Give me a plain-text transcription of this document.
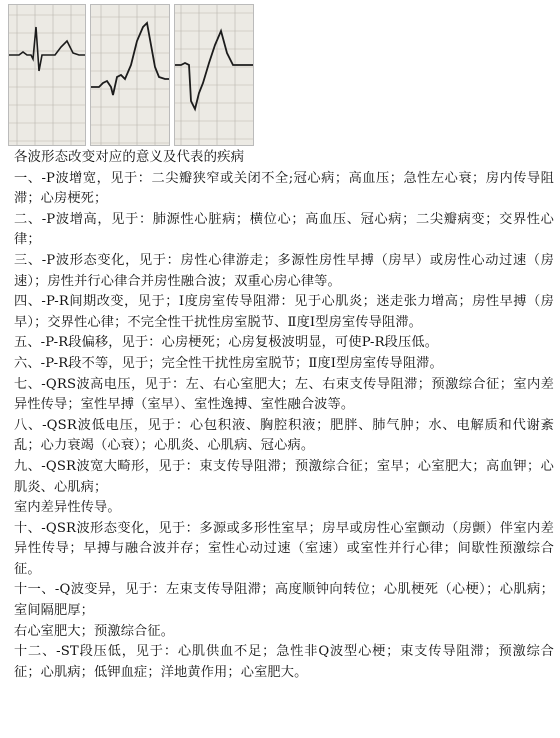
各波形态改变对应的意义及代表的疾病

一、-P波增宽，见于：二尖瓣狭窄或关闭不全;冠心病；高血压；急性左心衰；房内传导阻滞；心房梗死；

二、-P波增高，见于：肺源性心脏病；横位心；高血压、冠心病；二尖瓣病变；交界性心律；

三、-P波形态变化，见于：房性心律游走；多源性房性早搏（房早）或房性心动过速（房速）；房性并行心律合并房性融合波；双重心房心律等。

四、-P-R间期改变，见于；Ⅰ度房室传导阻滞：见于心肌炎；迷走张力增高；房性早搏（房早）；交界性心律；不完全性干扰性房室脱节、Ⅱ度Ⅰ型房室传导阻滞。

五、-P-R段偏移，见于：心房梗死；心房复极波明显，可使P-R段压低。

六、-P-R段不等，见于；完全性干扰性房室脱节；Ⅱ度Ⅰ型房室传导阻滞。

七、-QRS波高电压，见于：左、右心室肥大；左、右束支传导阻滞；预激综合征；室内差异性传导；室性早搏（室早）、室性逸搏、室性融合波等。

八、-QSR波低电压，见于：心包积液、胸腔积液；肥胖、肺气肿；水、电解质和代谢紊乱；心力衰竭（心衰）；心肌炎、心肌病、冠心病。

九、-QSR波宽大畸形，见于：束支传导阻滞；预激综合征；室早；心室肥大；高血钾；心肌炎、心肌病；

室内差异性传导。

十、-QSR波形态变化，见于：多源或多形性室早；房早或房性心室颤动（房颤）伴室内差异性传导；早搏与融合波并存；室性心动过速（室速）或室性并行心律；间歇性预激综合征。

十一、-Q波变异，见于：左束支传导阻滞；高度顺钟向转位；心肌梗死（心梗）；心肌病；室间隔肥厚；

右心室肥大；预激综合征。

十二、-ST段压低，见于：心肌供血不足；急性非Q波型心梗；束支传导阻滞；预激综合征；心肌病；低钾血症；洋地黄作用；心室肥大。
